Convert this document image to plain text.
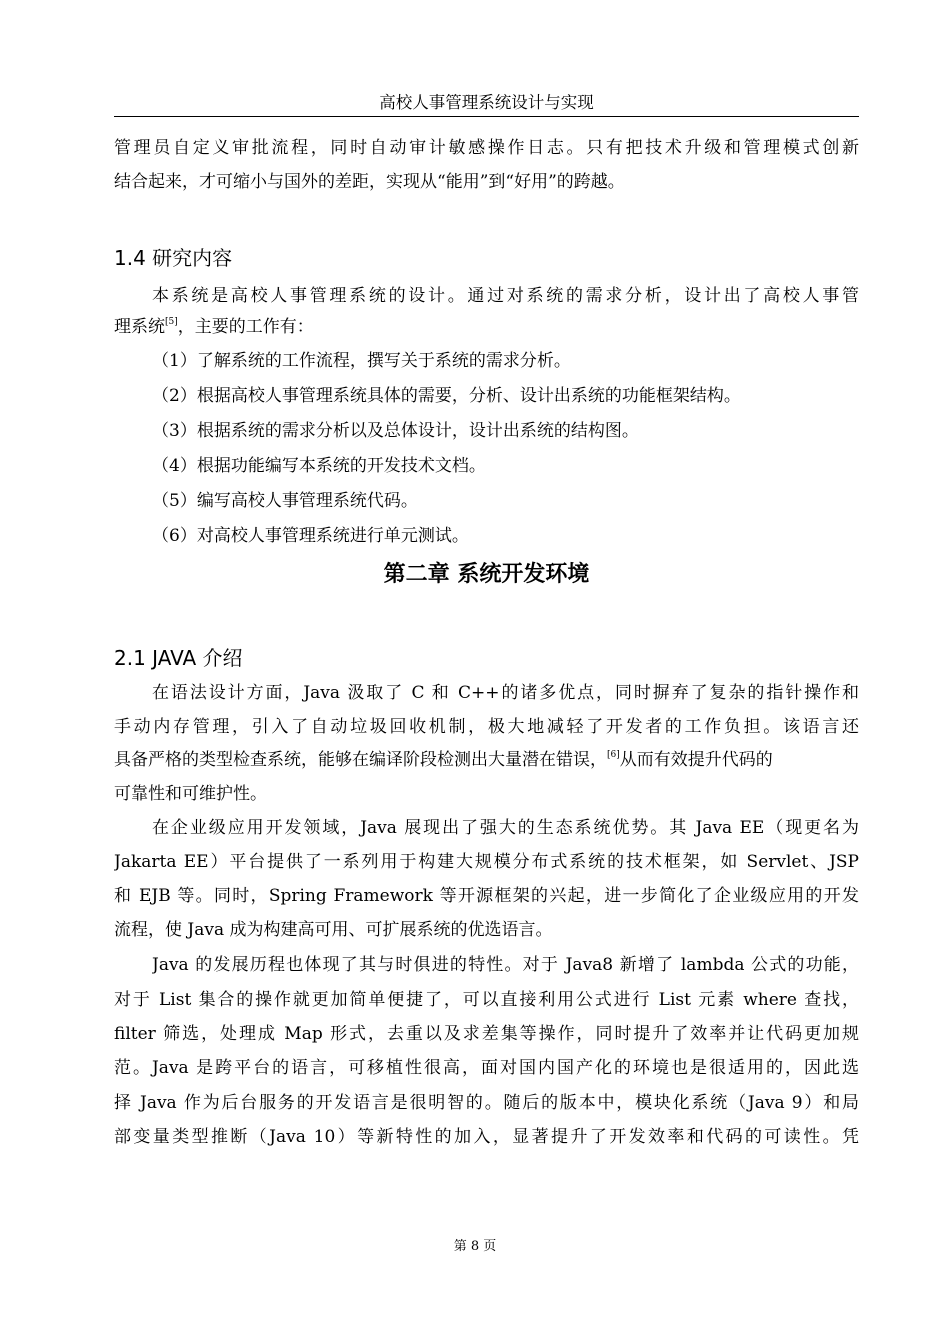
高校人事管理系统设计与实现
管理员自定义审批流程，同时自动审计敏感操作日志。只有把技术升级和管理模式创新
结合起来，才可缩小与国外的差距，实现从“能用”到“好用”的跨越。
1.4 研究内容
本系统是高校人事管理系统的设计。通过对系统的需求分析，设计出了高校人事管
理系统[5]，主要的工作有：
（1）了解系统的工作流程，撰写关于系统的需求分析。
（2）根据高校人事管理系统具体的需要，分析、设计出系统的功能框架结构。
（3）根据系统的需求分析以及总体设计，设计出系统的结构图。
（4）根据功能编写本系统的开发技术文档。
（5）编写高校人事管理系统代码。
（6）对高校人事管理系统进行单元测试。
第二章 系统开发环境
2.1 JAVA 介绍
在语法设计方面，Java 汲取了 C 和 C++的诸多优点，同时摒弃了复杂的指针操作和
手动内存管理，引入了自动垃圾回收机制，极大地减轻了开发者的工作负担。该语言还
具备严格的类型检查系统，能够在编译阶段检测出大量潜在错误，[6]从而有效提升代码的
可靠性和可维护性。
在企业级应用开发领域，Java 展现出了强大的生态系统优势。其 Java EE（现更名为
Jakarta EE）平台提供了一系列用于构建大规模分布式系统的技术框架，如 Servlet、JSP
和 EJB 等。同时，Spring Framework 等开源框架的兴起，进一步简化了企业级应用的开发
流程，使 Java 成为构建高可用、可扩展系统的优选语言。
Java 的发展历程也体现了其与时俱进的特性。对于 Java8 新增了 lambda 公式的功能，
对于 List 集合的操作就更加简单便捷了，可以直接利用公式进行 List 元素 where 查找，
filter 筛选，处理成 Map 形式，去重以及求差集等操作，同时提升了效率并让代码更加规
范。Java 是跨平台的语言，可移植性很高，面对国内国产化的环境也是很适用的，因此选
择 Java 作为后台服务的开发语言是很明智的。随后的版本中，模块化系统（Java 9）和局
部变量类型推断（Java 10）等新特性的加入，显著提升了开发效率和代码的可读性。凭
第 8 页
